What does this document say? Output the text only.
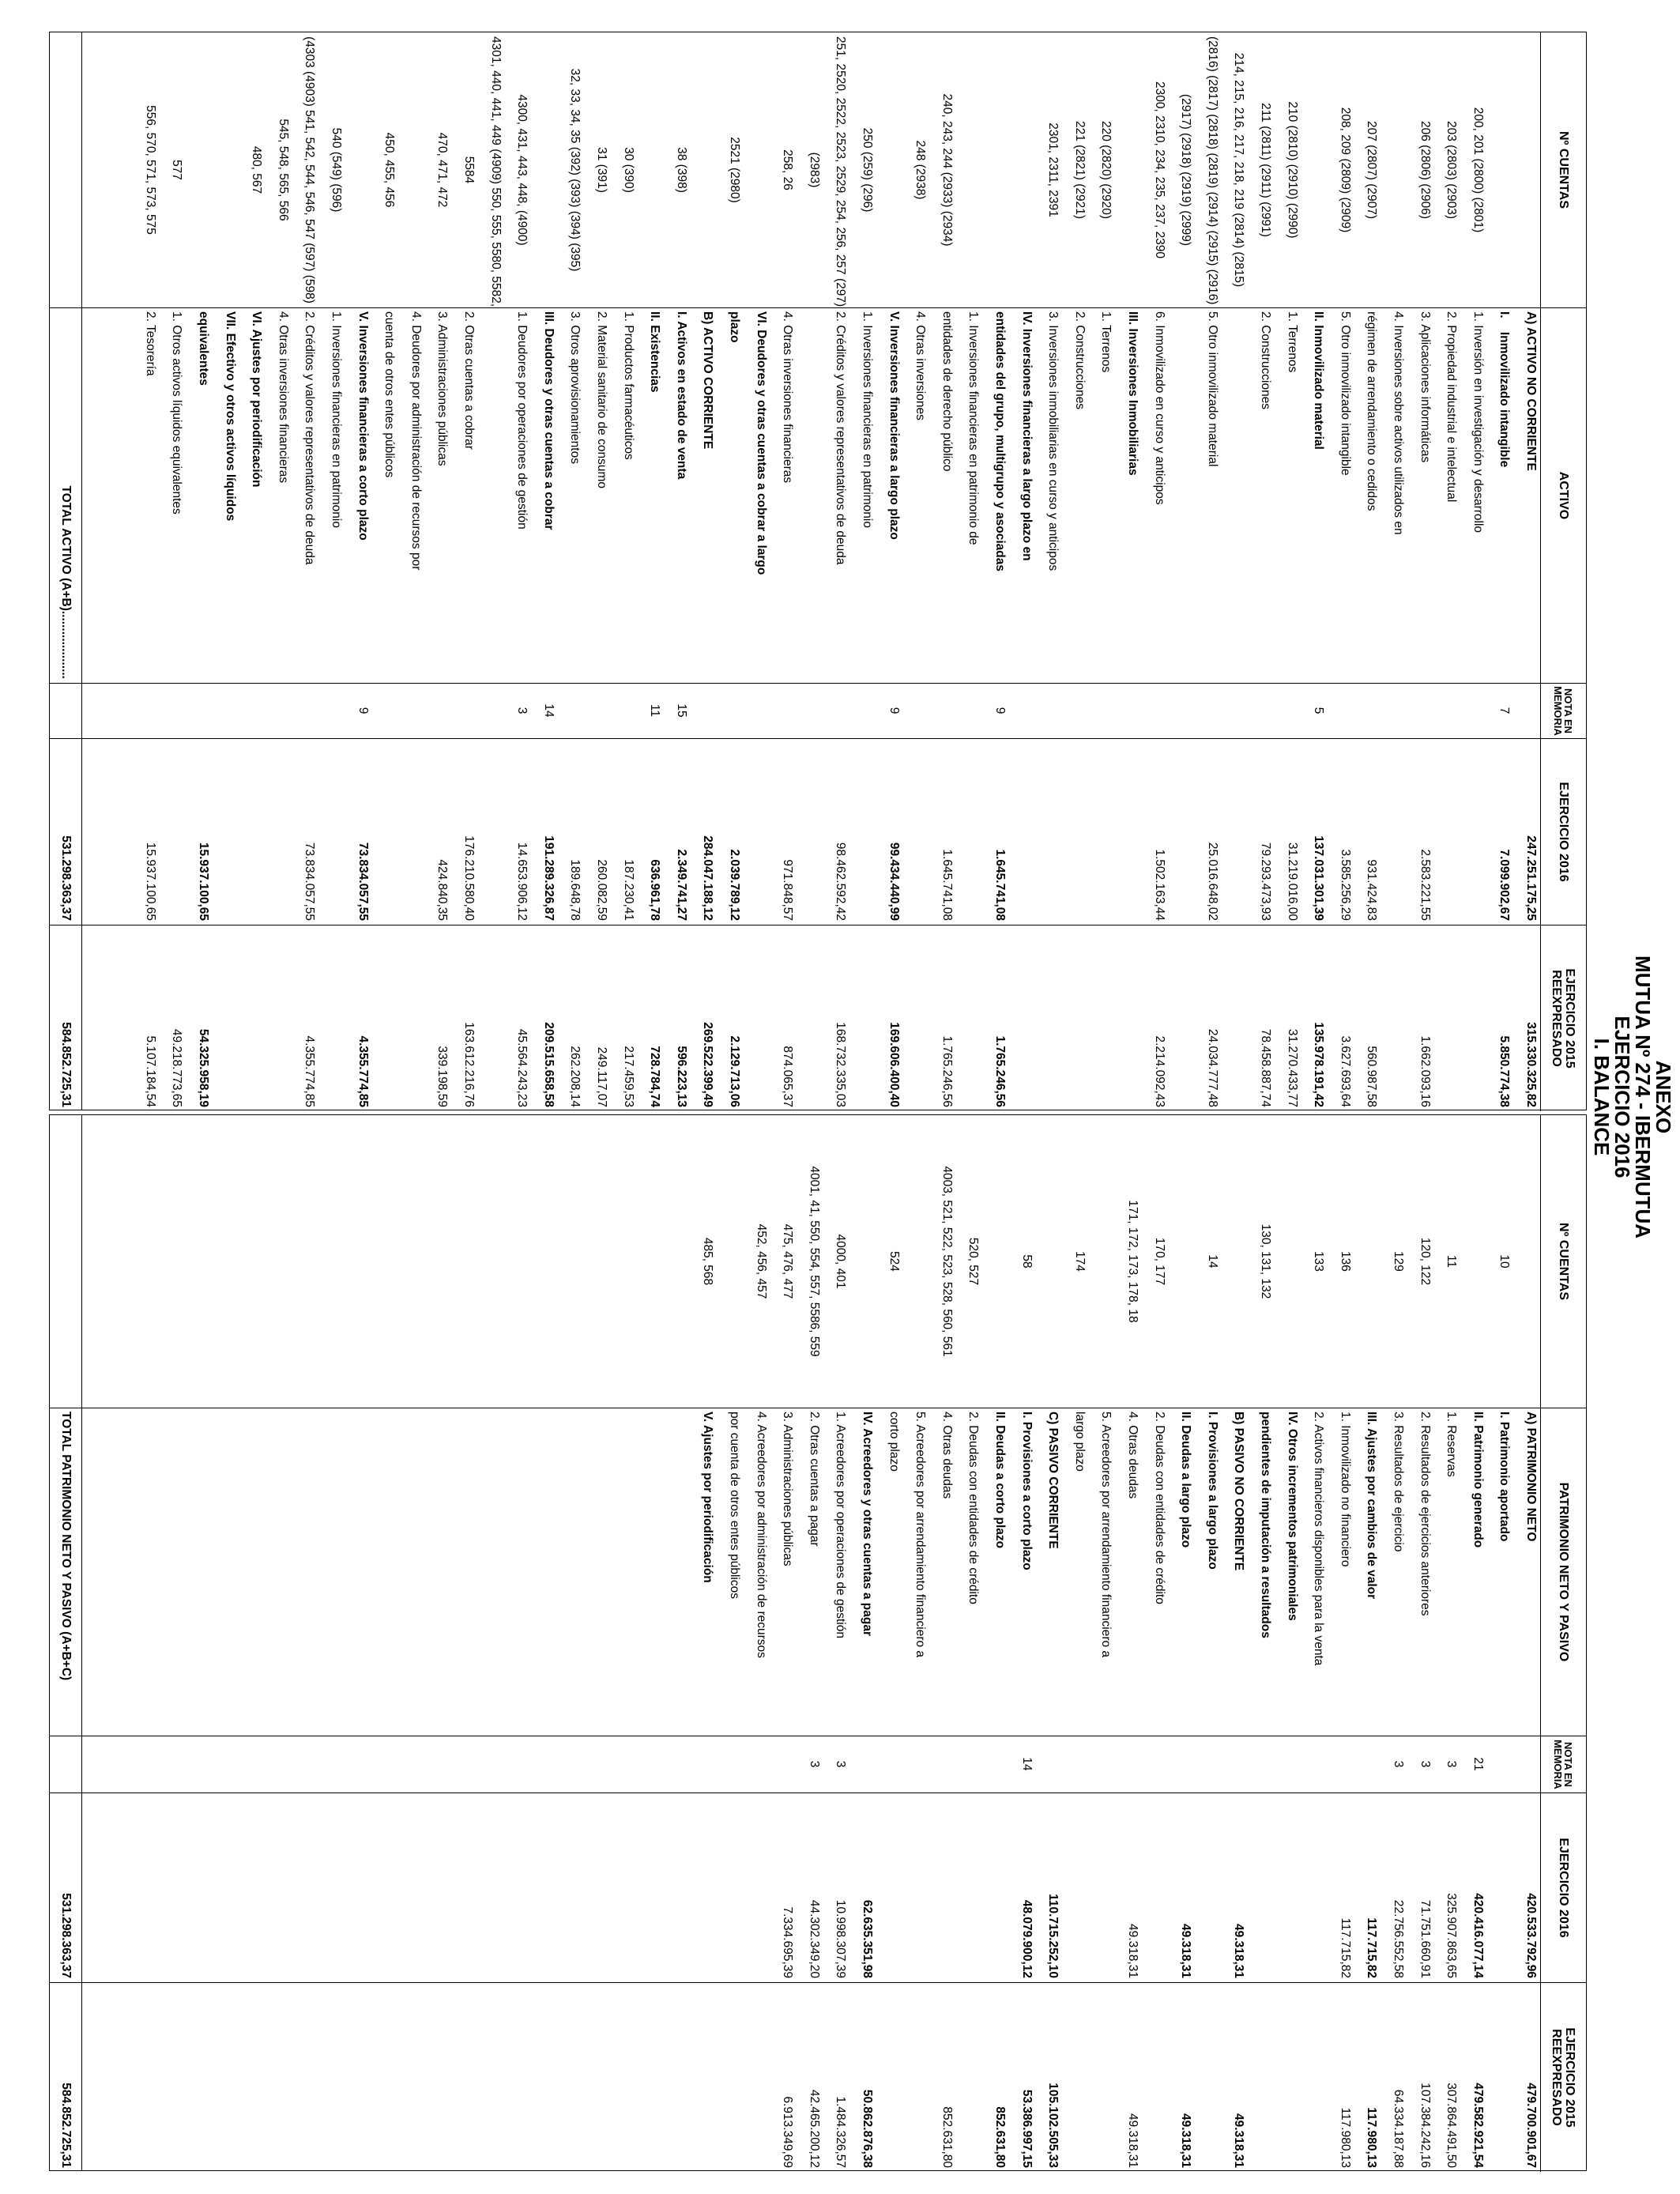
ANEXO
MUTUA Nº 274 - IBERMUTUA
EJERCICIO 2016
I. BALANCE
Nº CUENTAS
ACTIVO
NOTA EN MEMORIA
EJERCICIO 2016
EJERCICIO 2015 REEXPRESADO
A) ACTIVO NO CORRIENTE
247.251.175,25
315.330.325,82
I.    Inmovilizado intangible
7
7.099.902,67
5.850.774,38
200, 201 (2800) (2801)
1. Inversión en investigación y desarrollo
203 (2803) (2903)
2. Propiedad industrial e intelectual
206 (2806) (2906)
3. Aplicaciones informáticas
2.583.221,55
1.662.093,16
4. Inversiones sobre activos utilizados en
207 (2807) (2907)
régimen de arrendamiento o cedidos
931.424,83
560.987,58
208, 209 (2809) (2909)
5. Otro inmovilizado intangible
3.585.256,29
3.627.693,64
II. Inmovilizado material
5
137.031.301,39
135.978.191,42
210 (2810) (2910) (2990)
1. Terrenos
31.219.016,00
31.270.433,77
211 (2811) (2911) (2991)
2. Construcciones
79.293.473,93
78.458.887,74
214, 215, 216, 217, 218, 219 (2814) (2815)
(2816) (2817) (2818) (2819) (2914) (2915) (2916)
5. Otro inmovilizado material
25.016.648,02
24.034.777,48
(2917) (2918) (2919) (2999)
2300, 2310, 234, 235, 237, 2390
6. Inmovilizado en curso y anticipos
1.502.163,44
2.214.092,43
III. Inversiones Inmobiliarias
220 (2820) (2920)
1. Terrenos
221 (2821) (2921)
2. Construcciones
2301, 2311, 2391
3. Inversiones inmobiliarias en curso y anticipos
IV. Inversiones financieras a largo plazo en
entidades del grupo, multigrupo y asociadas
9
1.645.741,08
1.765.246,56
1. Inversiones financieras en patrimonio de
240, 243, 244 (2933) (2934)
entidades de derecho público
1.645.741,08
1.765.246,56
248 (2938)
4. Otras inversiones
V. Inversiones financieras a largo plazo
9
99.434.440,99
169.606.400,40
250 (259) (296)
1. Inversiones financieras en patrimonio
251, 2520, 2522, 2523, 2529, 254, 256, 257 (297)
2. Créditos y valores representativos de deuda
98.462.592,42
168.732.335,03
(2983)
258, 26
4. Otras inversiones financieras
971.848,57
874.065,37
VI. Deudores y otras cuentas a cobrar a largo
2521 (2980)
plazo
2.039.789,12
2.129.713,06
B) ACTIVO CORRIENTE
284.047.188,12
269.522.399,49
38 (398)
I. Activos en estado de venta
15
2.349.741,27
596.223,13
II. Existencias
11
636.961,78
728.784,74
30 (390)
1. Productos farmacéuticos
187.230,41
217.459,53
31 (391)
2. Material sanitario de consumo
260.082,59
249.117,07
32, 33, 34, 35 (392) (393) (394) (395)
3. Otros aprovisionamientos
189.648,78
262.208,14
III. Deudores y otras cuentas a cobrar
14
191.289.326,87
209.515.658,58
4300, 431, 443, 448, (4900)
1. Deudores por operaciones de gestión
3
14.653.906,12
45.564.243,23
4301, 440, 441, 449 (4909) 550, 555, 5580, 5582,
5584
2. Otras cuentas a cobrar
176.210.580,40
163.612.216,76
470, 471, 472
3. Administraciones públicas
424.840,35
339.198,59
4. Deudores por administración de recursos por
450, 455, 456
cuenta de otros entes públicos
V. Inversiones financieras a corto plazo
9
73.834.057,55
4.355.774,85
540 (549) (596)
1. Inversiones financieras en patrimonio
(4303 (4903) 541, 542, 544, 546, 547 (597) (598)
2. Créditos y valores representativos de deuda
73.834.057,55
4.355.774,85
545, 548, 565, 566
4. Otras inversiones financieras
480, 567
VI. Ajustes por periodificación
VII. Efectivo y otros activos líquidos
equivalentes
15.937.100,65
54.325.958,19
577
1. Otros activos líquidos equivalentes
49.218.773,65
556, 570, 571, 573, 575
2. Tesorería
15.937.100,65
5.107.184,54
TOTAL ACTIVO (A+B)....................
531.298.363,37
584.852.725,31
Nº CUENTAS
PATRIMONIO NETO Y PASIVO
NOTA EN MEMORIA
EJERCICIO 2016
EJERCICIO 2015 REEXPRESADO
A) PATRIMONIO NETO
420.533.792,96
479.700.901,67
10
I. Patrimonio aportado
II. Patrimonio generado
21
420.416.077,14
479.582.921,54
11
1. Reservas
3
325.907.863,65
307.864.491,50
120, 122
2. Resultados de ejercicios anteriores
3
71.751.660,91
107.384.242,16
129
3. Resultados de ejercicio
3
22.756.552,58
64.334.187,88
III. Ajustes por cambios de valor
117.715,82
117.980,13
136
1. Inmovilizado no financiero
117.715,82
117.980,13
133
2. Activos financieros disponibles para la venta
IV. Otros incrementos patrimoniales
130, 131, 132
pendientes de imputación a resultados
B) PASIVO NO CORRIENTE
49.318,31
49.318,31
14
I. Provisiones a largo plazo
II. Deudas a largo plazo
49.318,31
49.318,31
170, 177
2. Deudas con entidades de crédito
171, 172, 173, 178, 18
4. Otras deudas
49.318,31
49.318,31
5. Acreedores por arrendamiento financiero a
174
largo plazo
C) PASIVO CORRIENTE
110.715.252,10
105.102.505,33
58
I. Provisiones a corto plazo
14
48.079.900,12
53.386.997,15
II. Deudas a corto plazo
852.631,80
520, 527
2. Deudas con entidades de crédito
4003, 521, 522, 523, 528, 560, 561
4. Otras deudas
852.631,80
5. Acreedores por arrendamiento financiero a
524
corto plazo
IV. Acreedores y otras cuentas a pagar
62.635.351,98
50.862.876,38
4000, 401
1. Acreedores por operaciones de gestión
3
10.998.307,39
1.484.326,57
4001, 41, 550, 554, 557, 5586, 559
2. Otras cuentas a pagar
3
44.302.349,20
42.465.200,12
475, 476, 477
3. Administraciones públicas
7.334.695,39
6.913.349,69
452, 456, 457
4. Acreedores por administración de recursos
por cuenta de otros entes públicos
485, 568
V. Ajustes por periodificación
TOTAL PATRIMONIO NETO Y PASIVO (A+B+C)
531.298.363,37
584.852.725,31
